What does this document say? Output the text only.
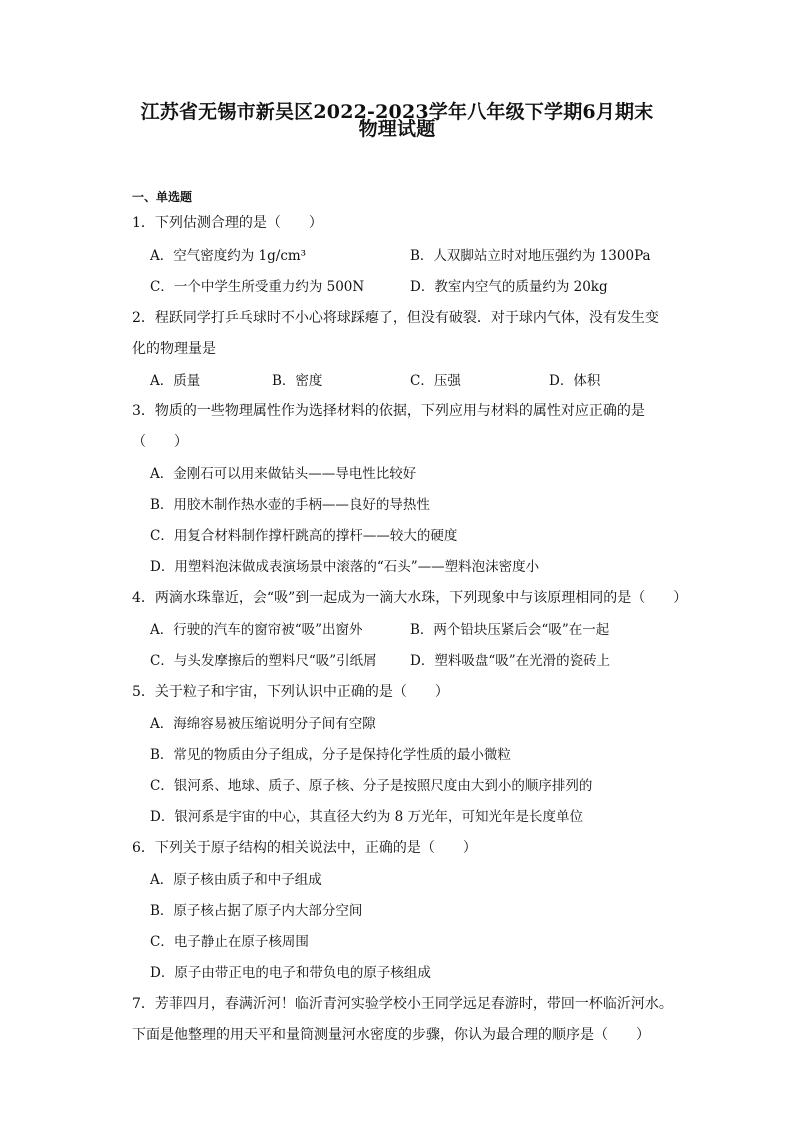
江苏省无锡市新吴区2022-2023学年八年级下学期6月期末
物理试题
一、单选题
1．下列估测合理的是（　　）
A．空气密度约为 1g/cm³	B．人双脚站立时对地压强约为 1300Pa
C．一个中学生所受重力约为 500N	D．教室内空气的质量约为 20kg
2．程跃同学打乒乓球时不小心将球踩瘪了，但没有破裂．对于球内气体，没有发生变
化的物理量是
A．质量	B．密度	C．压强	D．体积
3．物质的一些物理属性作为选择材料的依据，下列应用与材料的属性对应正确的是
（　　）
A．金刚石可以用来做钻头——导电性比较好
B．用胶木制作热水壶的手柄——良好的导热性
C．用复合材料制作撑杆跳高的撑杆——较大的硬度
D．用塑料泡沫做成表演场景中滚落的“石头”——塑料泡沫密度小
4．两滴水珠靠近，会“吸”到一起成为一滴大水珠，下列现象中与该原理相同的是（　　）
A．行驶的汽车的窗帘被“吸”出窗外	B．两个铅块压紧后会“吸”在一起
C．与头发摩擦后的塑料尺“吸”引纸屑 D．塑料吸盘“吸”在光滑的瓷砖上
5．关于粒子和宇宙，下列认识中正确的是（　　）
A．海绵容易被压缩说明分子间有空隙
B．常见的物质由分子组成，分子是保持化学性质的最小微粒
C．银河系、地球、质子、原子核、分子是按照尺度由大到小的顺序排列的
D．银河系是宇宙的中心，其直径大约为 8 万光年，可知光年是长度单位
6．下列关于原子结构的相关说法中，正确的是（　　）
A．原子核由质子和中子组成
B．原子核占据了原子内大部分空间
C．电子静止在原子核周围
D．原子由带正电的电子和带负电的原子核组成
7．芳菲四月，春满沂河！临沂青河实验学校小王同学远足春游时，带回一杯临沂河水。
下面是他整理的用天平和量筒测量河水密度的步骤，你认为最合理的顺序是（　　）
